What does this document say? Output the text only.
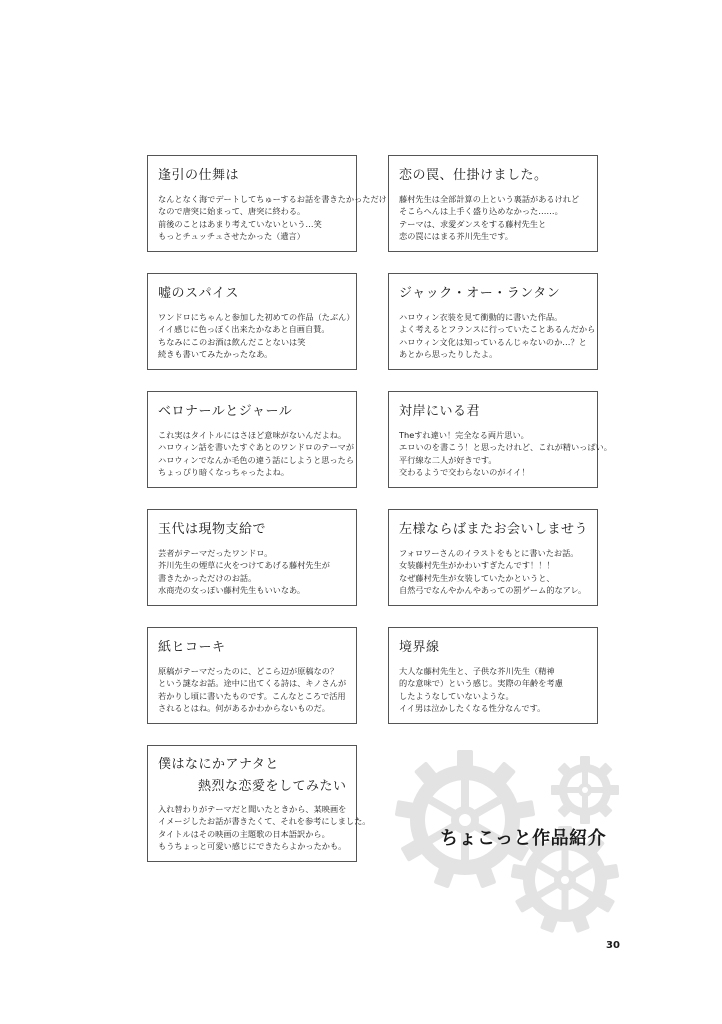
逢引の仕舞は
なんとなく海でデートしてちゅーするお話を書きたかっただけ
なので唐突に始まって、唐突に終わる。
前後のことはあまり考えていないという…笑
もっとチュッチュさせたかった（遺言）
恋の罠、仕掛けました。
藤村先生は全部計算の上という裏話があるけれど
そこらへんは上手く盛り込めなかった……。
テーマは、求愛ダンスをする藤村先生と
恋の罠にはまる芥川先生です。
嘘のスパイス
ワンドロにちゃんと参加した初めての作品（たぶん）
イイ感じに色っぽく出来たかなあと自画自賛。
ちなみにこのお酒は飲んだことないは笑
続きも書いてみたかったなあ。
ジャック・オー・ランタン
ハロウィン衣装を見て衝動的に書いた作品。
よく考えるとフランスに行っていたことあるんだから
ハロウィン文化は知っているんじゃないのか…？と
あとから思ったりしたよ。
ベロナールとジャール
これ実はタイトルにはさほど意味がないんだよね。
ハロウィン話を書いたすぐあとのワンドロのテーマが
ハロウィンでなんか毛色の違う話にしようと思ったら
ちょっぴり暗くなっちゃったよね。
対岸にいる君
Theすれ違い！完全なる両片思い。
エロいのを書こう！と思ったけれど、これが精いっぱい。
平行線な二人が好きです。
交わるようで交わらないのがイイ！
玉代は現物支給で
芸者がテーマだったワンドロ。
芥川先生の煙草に火をつけてあげる藤村先生が
書きたかっただけのお話。
水商売の女っぽい藤村先生もいいなあ。
左様ならばまたお会いしませう
フォロワーさんのイラストをもとに書いたお話。
女装藤村先生がかわいすぎたんです！！！
なぜ藤村先生が女装していたかというと、
自然弓でなんやかんやあっての罰ゲーム的なアレ。
紙ヒコーキ
原稿がテーマだったのに、どこら辺が原稿なの？
という謎なお話。途中に出てくる詩は、キノさんが
若かりし頃に書いたものです。こんなところで活用
されるとはね。何があるかわからないものだ。
境界線
大人な藤村先生と、子供な芥川先生（精神
的な意味で）という感じ。実際の年齢を考慮
したようなしていないような。
イイ男は泣かしたくなる性分なんです。
僕はなにかアナタと
熱烈な恋愛をしてみたい
入れ替わりがテーマだと聞いたときから、某映画を
イメージしたお話が書きたくて、それを参考にしました。
タイトルはその映画の主題歌の日本語訳から。
もうちょっと可愛い感じにできたらよかったかも。	ちょこっと作品紹介
30
